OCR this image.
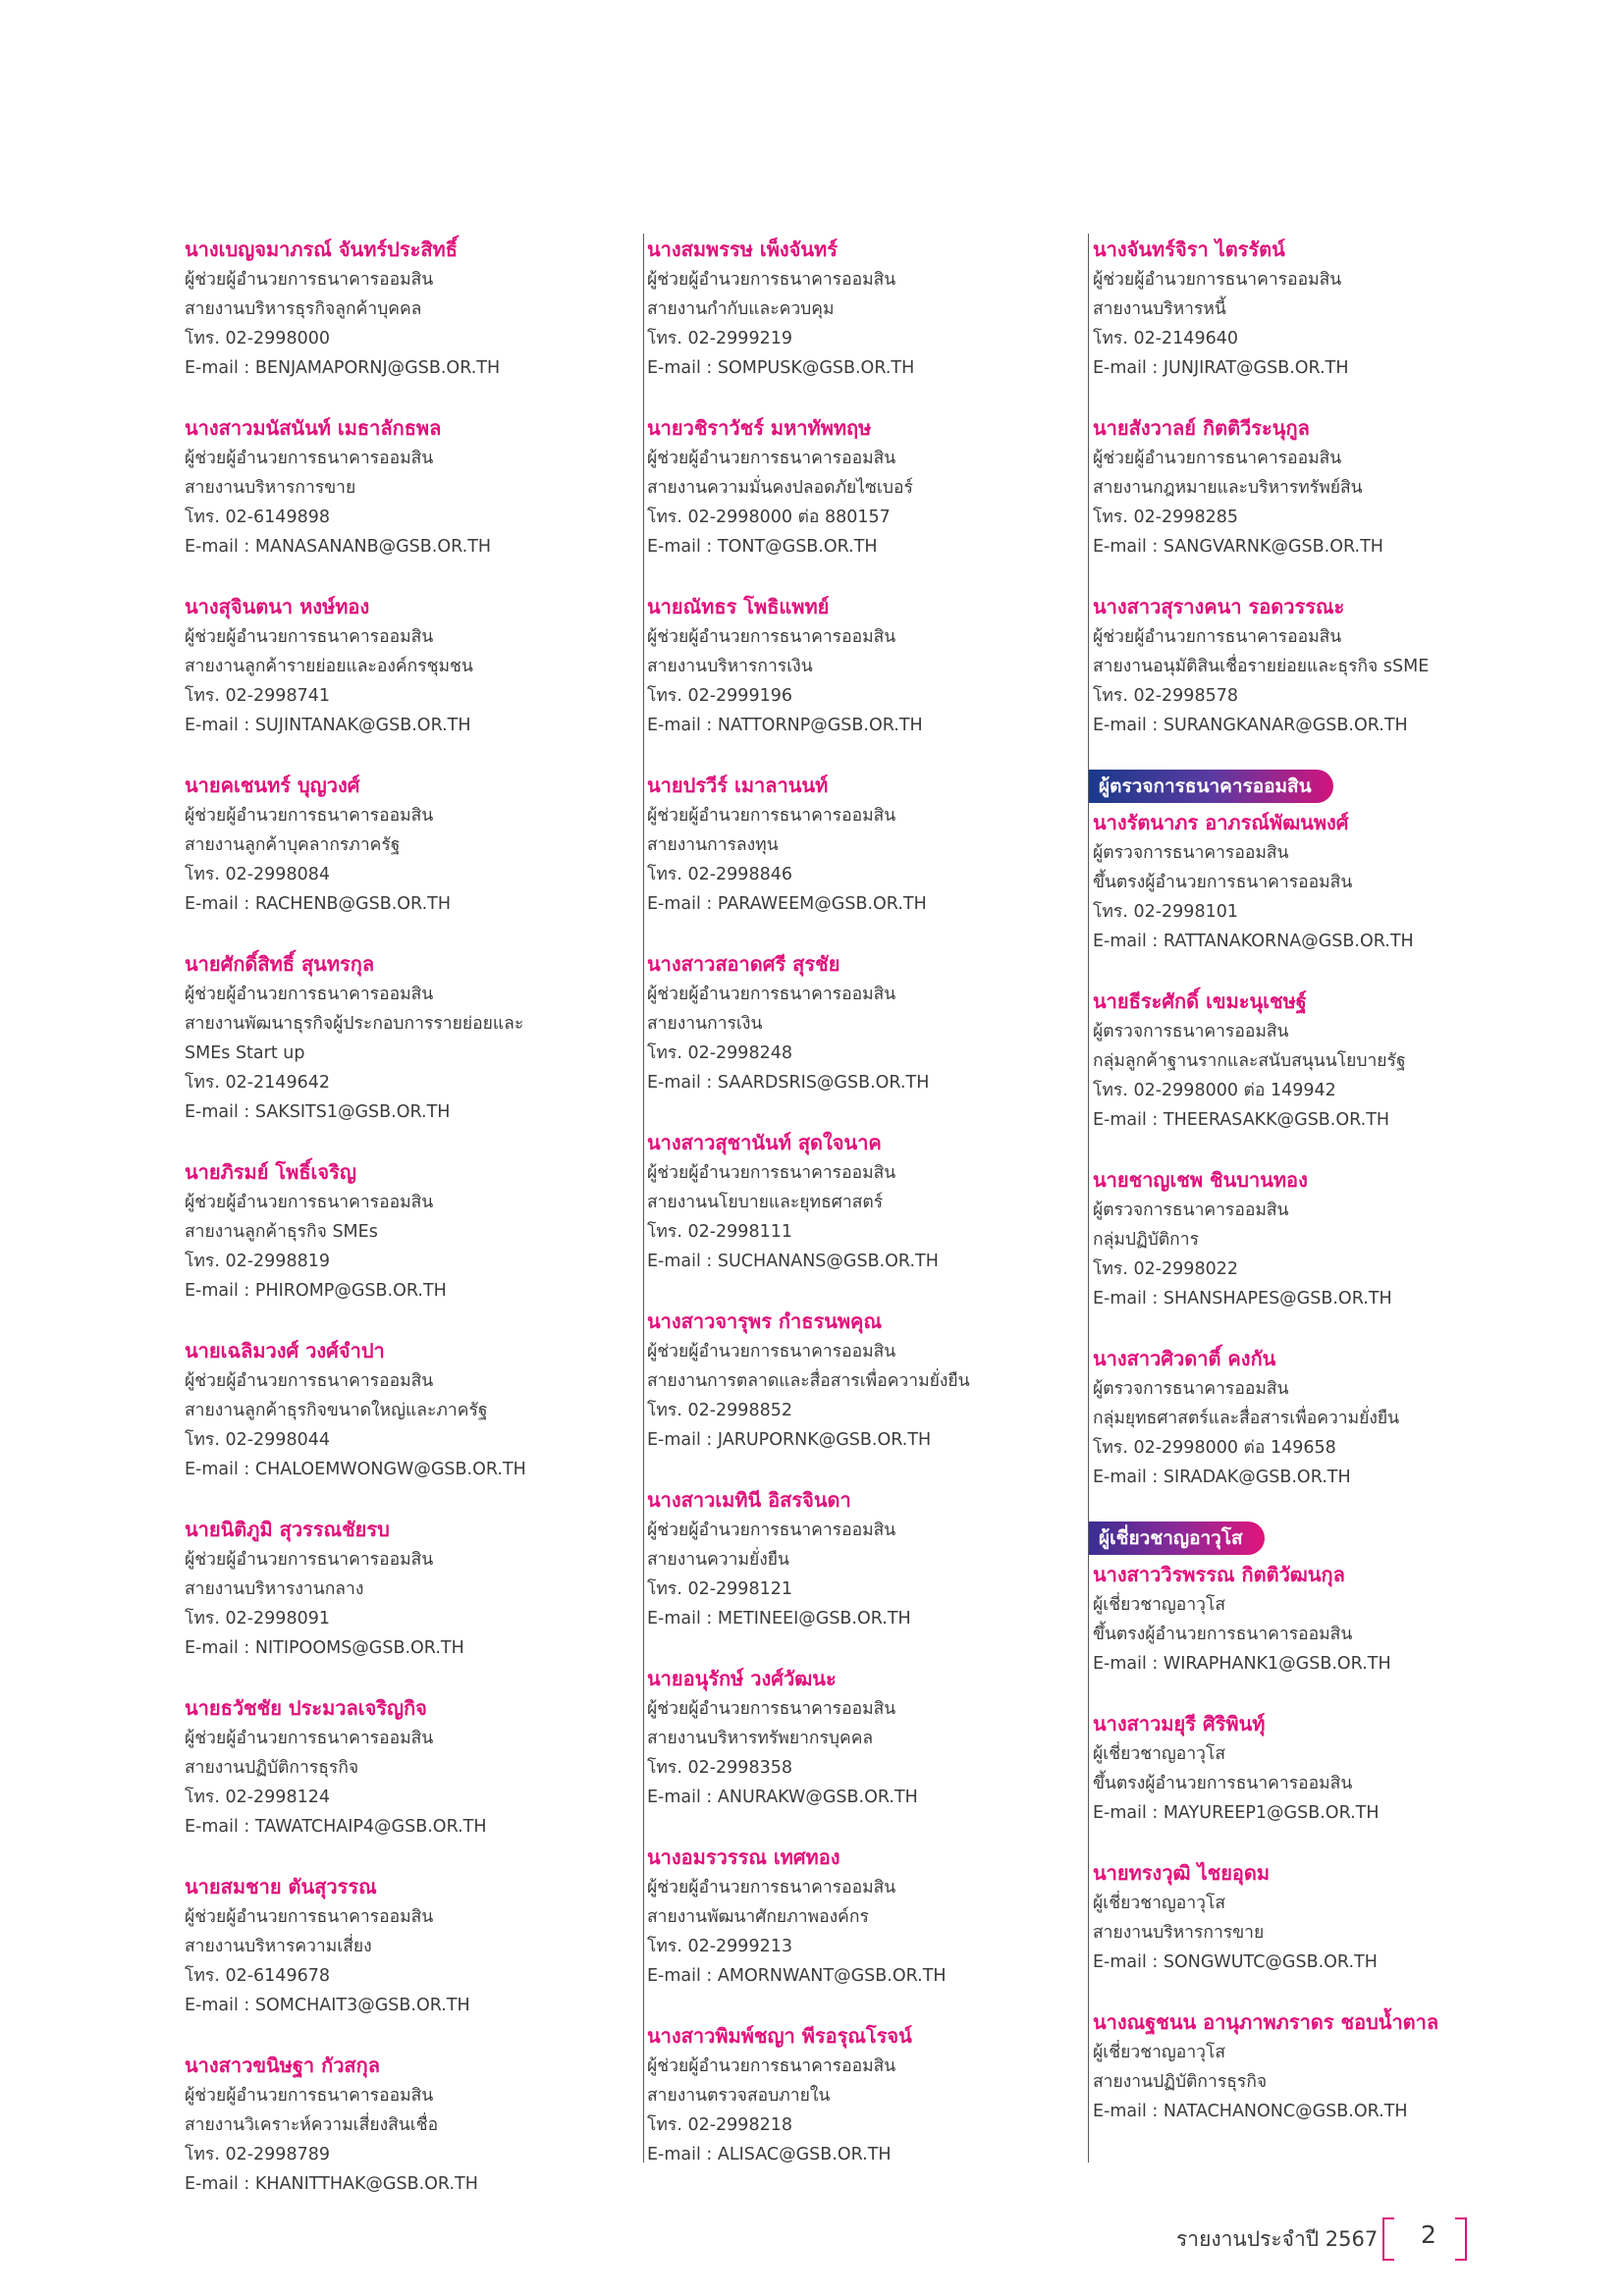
นางเบญจมาภรณ์ จันทร์ประสิทธิ์
ผู้ช่วยผู้อำนวยการธนาคารออมสิน
สายงานบริหารธุรกิจลูกค้าบุคคล
โทร. 02-2998000
E-mail : BENJAMAPORNJ@GSB.OR.TH
นางสาวมนัสนันท์ เมธาลักธพล
ผู้ช่วยผู้อำนวยการธนาคารออมสิน
สายงานบริหารการขาย
โทร. 02-6149898
E-mail : MANASANANB@GSB.OR.TH
นางสุจินตนา หงษ์ทอง
ผู้ช่วยผู้อำนวยการธนาคารออมสิน
สายงานลูกค้ารายย่อยและองค์กรชุมชน
โทร. 02-2998741
E-mail : SUJINTANAK@GSB.OR.TH
นายคเชนทร์ บุญวงศ์
ผู้ช่วยผู้อำนวยการธนาคารออมสิน
สายงานลูกค้าบุคลากรภาครัฐ
โทร. 02-2998084
E-mail : RACHENB@GSB.OR.TH
นายศักดิ์สิทธิ์ สุนทรกุล
ผู้ช่วยผู้อำนวยการธนาคารออมสิน
สายงานพัฒนาธุรกิจผู้ประกอบการรายย่อยและ
SMEs Start up
โทร. 02-2149642
E-mail : SAKSITS1@GSB.OR.TH
นายภิรมย์ โพธิ์เจริญ
ผู้ช่วยผู้อำนวยการธนาคารออมสิน
สายงานลูกค้าธุรกิจ SMEs
โทร. 02-2998819
E-mail : PHIROMP@GSB.OR.TH
นายเฉลิมวงศ์ วงศ์จำปา
ผู้ช่วยผู้อำนวยการธนาคารออมสิน
สายงานลูกค้าธุรกิจขนาดใหญ่และภาครัฐ
โทร. 02-2998044
E-mail : CHALOEMWONGW@GSB.OR.TH
นายนิติภูมิ สุวรรณชัยรบ
ผู้ช่วยผู้อำนวยการธนาคารออมสิน
สายงานบริหารงานกลาง
โทร. 02-2998091
E-mail : NITIPOOMS@GSB.OR.TH
นายธวัชชัย ประมวลเจริญกิจ
ผู้ช่วยผู้อำนวยการธนาคารออมสิน
สายงานปฏิบัติการธุรกิจ
โทร. 02-2998124
E-mail : TAWATCHAIP4@GSB.OR.TH
นายสมชาย ตันสุวรรณ
ผู้ช่วยผู้อำนวยการธนาคารออมสิน
สายงานบริหารความเสี่ยง
โทร. 02-6149678
E-mail : SOMCHAIT3@GSB.OR.TH
นางสาวขนิษฐา กัวสกุล
ผู้ช่วยผู้อำนวยการธนาคารออมสิน
สายงานวิเคราะห์ความเสี่ยงสินเชื่อ
โทร. 02-2998789
E-mail : KHANITTHAK@GSB.OR.TH
นางสมพรรษ เพ็งจันทร์
ผู้ช่วยผู้อำนวยการธนาคารออมสิน
สายงานกำกับและควบคุม
โทร. 02-2999219
E-mail : SOMPUSK@GSB.OR.TH
นายวชิราวัชร์ มหาทัพทฤษ
ผู้ช่วยผู้อำนวยการธนาคารออมสิน
สายงานความมั่นคงปลอดภัยไซเบอร์
โทร. 02-2998000 ต่อ 880157
E-mail : TONT@GSB.OR.TH
นายณัทธร โพธิแพทย์
ผู้ช่วยผู้อำนวยการธนาคารออมสิน
สายงานบริหารการเงิน
โทร. 02-2999196
E-mail : NATTORNP@GSB.OR.TH
นายปรวีร์ เมาลานนท์
ผู้ช่วยผู้อำนวยการธนาคารออมสิน
สายงานการลงทุน
โทร. 02-2998846
E-mail : PARAWEEM@GSB.OR.TH
นางสาวสอาดศรี สุรชัย
ผู้ช่วยผู้อำนวยการธนาคารออมสิน
สายงานการเงิน
โทร. 02-2998248
E-mail : SAARDSRIS@GSB.OR.TH
นางสาวสุชานันท์ สุดใจนาค
ผู้ช่วยผู้อำนวยการธนาคารออมสิน
สายงานนโยบายและยุทธศาสตร์
โทร. 02-2998111
E-mail : SUCHANANS@GSB.OR.TH
นางสาวจารุพร กำธรนพคุณ
ผู้ช่วยผู้อำนวยการธนาคารออมสิน
สายงานการตลาดและสื่อสารเพื่อความยั่งยืน
โทร. 02-2998852
E-mail : JARUPORNK@GSB.OR.TH
นางสาวเมทินี อิสรจินดา
ผู้ช่วยผู้อำนวยการธนาคารออมสิน
สายงานความยั่งยืน
โทร. 02-2998121
E-mail : METINEEI@GSB.OR.TH
นายอนุรักษ์ วงศ์วัฒนะ
ผู้ช่วยผู้อำนวยการธนาคารออมสิน
สายงานบริหารทรัพยากรบุคคล
โทร. 02-2998358
E-mail : ANURAKW@GSB.OR.TH
นางอมรวรรณ เทศทอง
ผู้ช่วยผู้อำนวยการธนาคารออมสิน
สายงานพัฒนาศักยภาพองค์กร
โทร. 02-2999213
E-mail : AMORNWANT@GSB.OR.TH
นางสาวพิมพ์ชญา พีรอรุณโรจน์
ผู้ช่วยผู้อำนวยการธนาคารออมสิน
สายงานตรวจสอบภายใน
โทร. 02-2998218
E-mail : ALISAC@GSB.OR.TH
นางจันทร์จิรา ไตรรัตน์
ผู้ช่วยผู้อำนวยการธนาคารออมสิน
สายงานบริหารหนี้
โทร. 02-2149640
E-mail : JUNJIRAT@GSB.OR.TH
นายสังวาลย์ กิตติวีระนุกูล
ผู้ช่วยผู้อำนวยการธนาคารออมสิน
สายงานกฎหมายและบริหารทรัพย์สิน
โทร. 02-2998285
E-mail : SANGVARNK@GSB.OR.TH
นางสาวสุรางคนา รอดวรรณะ
ผู้ช่วยผู้อำนวยการธนาคารออมสิน
สายงานอนุมัติสินเชื่อรายย่อยและธุรกิจ sSME
โทร. 02-2998578
E-mail : SURANGKANAR@GSB.OR.TH
ผู้ตรวจการธนาคารออมสิน
นางรัตนาภร อาภรณ์พัฒนพงศ์
ผู้ตรวจการธนาคารออมสิน
ขึ้นตรงผู้อำนวยการธนาคารออมสิน
โทร. 02-2998101
E-mail : RATTANAKORNA@GSB.OR.TH
นายธีระศักดิ์ เขมะนุเชษฐ์
ผู้ตรวจการธนาคารออมสิน
กลุ่มลูกค้าฐานรากและสนับสนุนนโยบายรัฐ
โทร. 02-2998000 ต่อ 149942
E-mail : THEERASAKK@GSB.OR.TH
นายชาญเชพ ชินบานทอง
ผู้ตรวจการธนาคารออมสิน
กลุ่มปฏิบัติการ
โทร. 02-2998022
E-mail : SHANSHAPES@GSB.OR.TH
นางสาวศิวดาติ์ คงกัน
ผู้ตรวจการธนาคารออมสิน
กลุ่มยุทธศาสตร์และสื่อสารเพื่อความยั่งยืน
โทร. 02-2998000 ต่อ 149658
E-mail : SIRADAK@GSB.OR.TH
ผู้เชี่ยวชาญอาวุโส
นางสาววิรพรรณ กิตติวัฒนกุล
ผู้เชี่ยวชาญอาวุโส
ขึ้นตรงผู้อำนวยการธนาคารออมสิน
E-mail : WIRAPHANK1@GSB.OR.TH
นางสาวมยุรี ศิริพินทุ์
ผู้เชี่ยวชาญอาวุโส
ขึ้นตรงผู้อำนวยการธนาคารออมสิน
E-mail : MAYUREEP1@GSB.OR.TH
นายทรงวุฒิ ไชยอุดม
ผู้เชี่ยวชาญอาวุโส
สายงานบริหารการขาย
E-mail : SONGWUTC@GSB.OR.TH
นางณฐชนน อานุภาพภราดร ชอบน้ำตาล
ผู้เชี่ยวชาญอาวุโส
สายงานปฏิบัติการธุรกิจ
E-mail : NATACHANONC@GSB.OR.TH
รายงานประจำปี 2567	2
